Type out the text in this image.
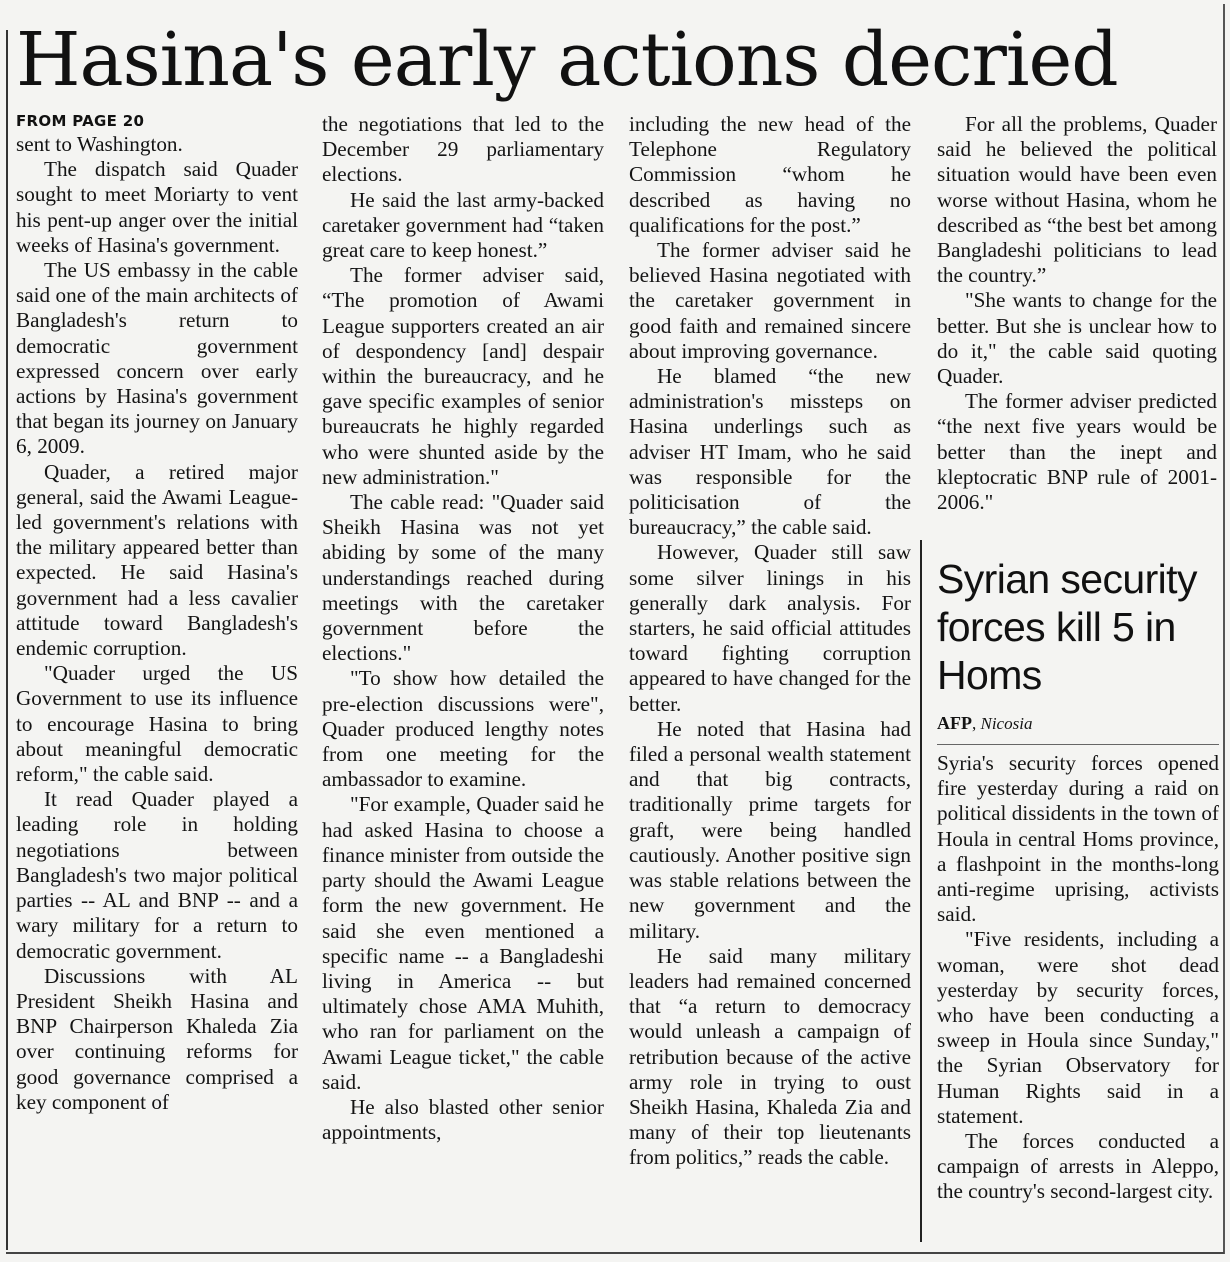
Hasina's early actions decried
FROM PAGE 20

sent to Washington.

The dispatch said Quader sought to meet Moriarty to vent his pent-up anger over the initial weeks of Hasina's government.

The US embassy in the cable said one of the main architects of Bangladesh's return to democratic government expressed concern over early actions by Hasina's government that began its journey on January 6, 2009.

Quader, a retired major general, said the Awami League-led government's relations with the military appeared better than expected. He said Hasina's government had a less cavalier attitude toward Bangladesh's endemic corruption.

"Quader urged the US Government to use its influence to encourage Hasina to bring about meaningful democratic reform," the cable said.

It read Quader played a leading role in holding negotiations between Bangladesh's two major political parties -- AL and BNP -- and a wary military for a return to democratic government.

Discussions with AL President Sheikh Hasina and BNP Chairperson Khaleda Zia over continuing reforms for good governance comprised a key component of

the negotiations that led to the December 29 parliamentary elections.

He said the last army-backed caretaker government had “taken great care to keep honest.”

The former adviser said, “The promotion of Awami League supporters created an air of despondency [and] despair within the bureaucracy, and he gave specific examples of senior bureaucrats he highly regarded who were shunted aside by the new administration."

The cable read: "Quader said Sheikh Hasina was not yet abiding by some of the many understandings reached during meetings with the caretaker government before the elections."

"To show how detailed the pre-election discussions were", Quader produced lengthy notes from one meeting for the ambassador to examine.

"For example, Quader said he had asked Hasina to choose a finance minister from outside the party should the Awami League form the new government. He said she even mentioned a specific name -- a Bangladeshi living in America -- but ultimately chose AMA Muhith, who ran for parliament on the Awami League ticket," the cable said.

He also blasted other senior appointments,

including the new head of the Telephone Regulatory Commission “whom he described as having no qualifications for the post.”

The former adviser said he believed Hasina negotiated with the caretaker government in good faith and remained sincere about improving governance.

He blamed “the new administration's missteps on Hasina underlings such as adviser HT Imam, who he said was responsible for the politicisation of the bureaucracy,” the cable said.

However, Quader still saw some silver linings in his generally dark analysis. For starters, he said official attitudes toward fighting corruption appeared to have changed for the better.

He noted that Hasina had filed a personal wealth statement and that big contracts, traditionally prime targets for graft, were being handled cautiously. Another positive sign was stable relations between the new government and the military.

He said many military leaders had remained concerned that “a return to democracy would unleash a campaign of retribution because of the active army role in trying to oust Sheikh Hasina, Khaleda Zia and many of their top lieutenants from politics,” reads the cable.

For all the problems, Quader said he believed the political situation would have been even worse without Hasina, whom he described as “the best bet among Bangladeshi politicians to lead the country.”

"She wants to change for the better. But she is unclear how to do it," the cable said quoting Quader.

The former adviser predicted “the next five years would be better than the inept and kleptocratic BNP rule of 2001-2006."

Syrian security forces kill 5 in Homs
AFP, Nicosia

Syria's security forces opened fire yesterday during a raid on political dissidents in the town of Houla in central Homs province, a flashpoint in the months-long anti-regime uprising, activists said.

"Five residents, including a woman, were shot dead yesterday by security forces, who have been conducting a sweep in Houla since Sunday," the Syrian Observatory for Human Rights said in a statement.

The forces conducted a campaign of arrests in Aleppo, the country's second-largest city.
